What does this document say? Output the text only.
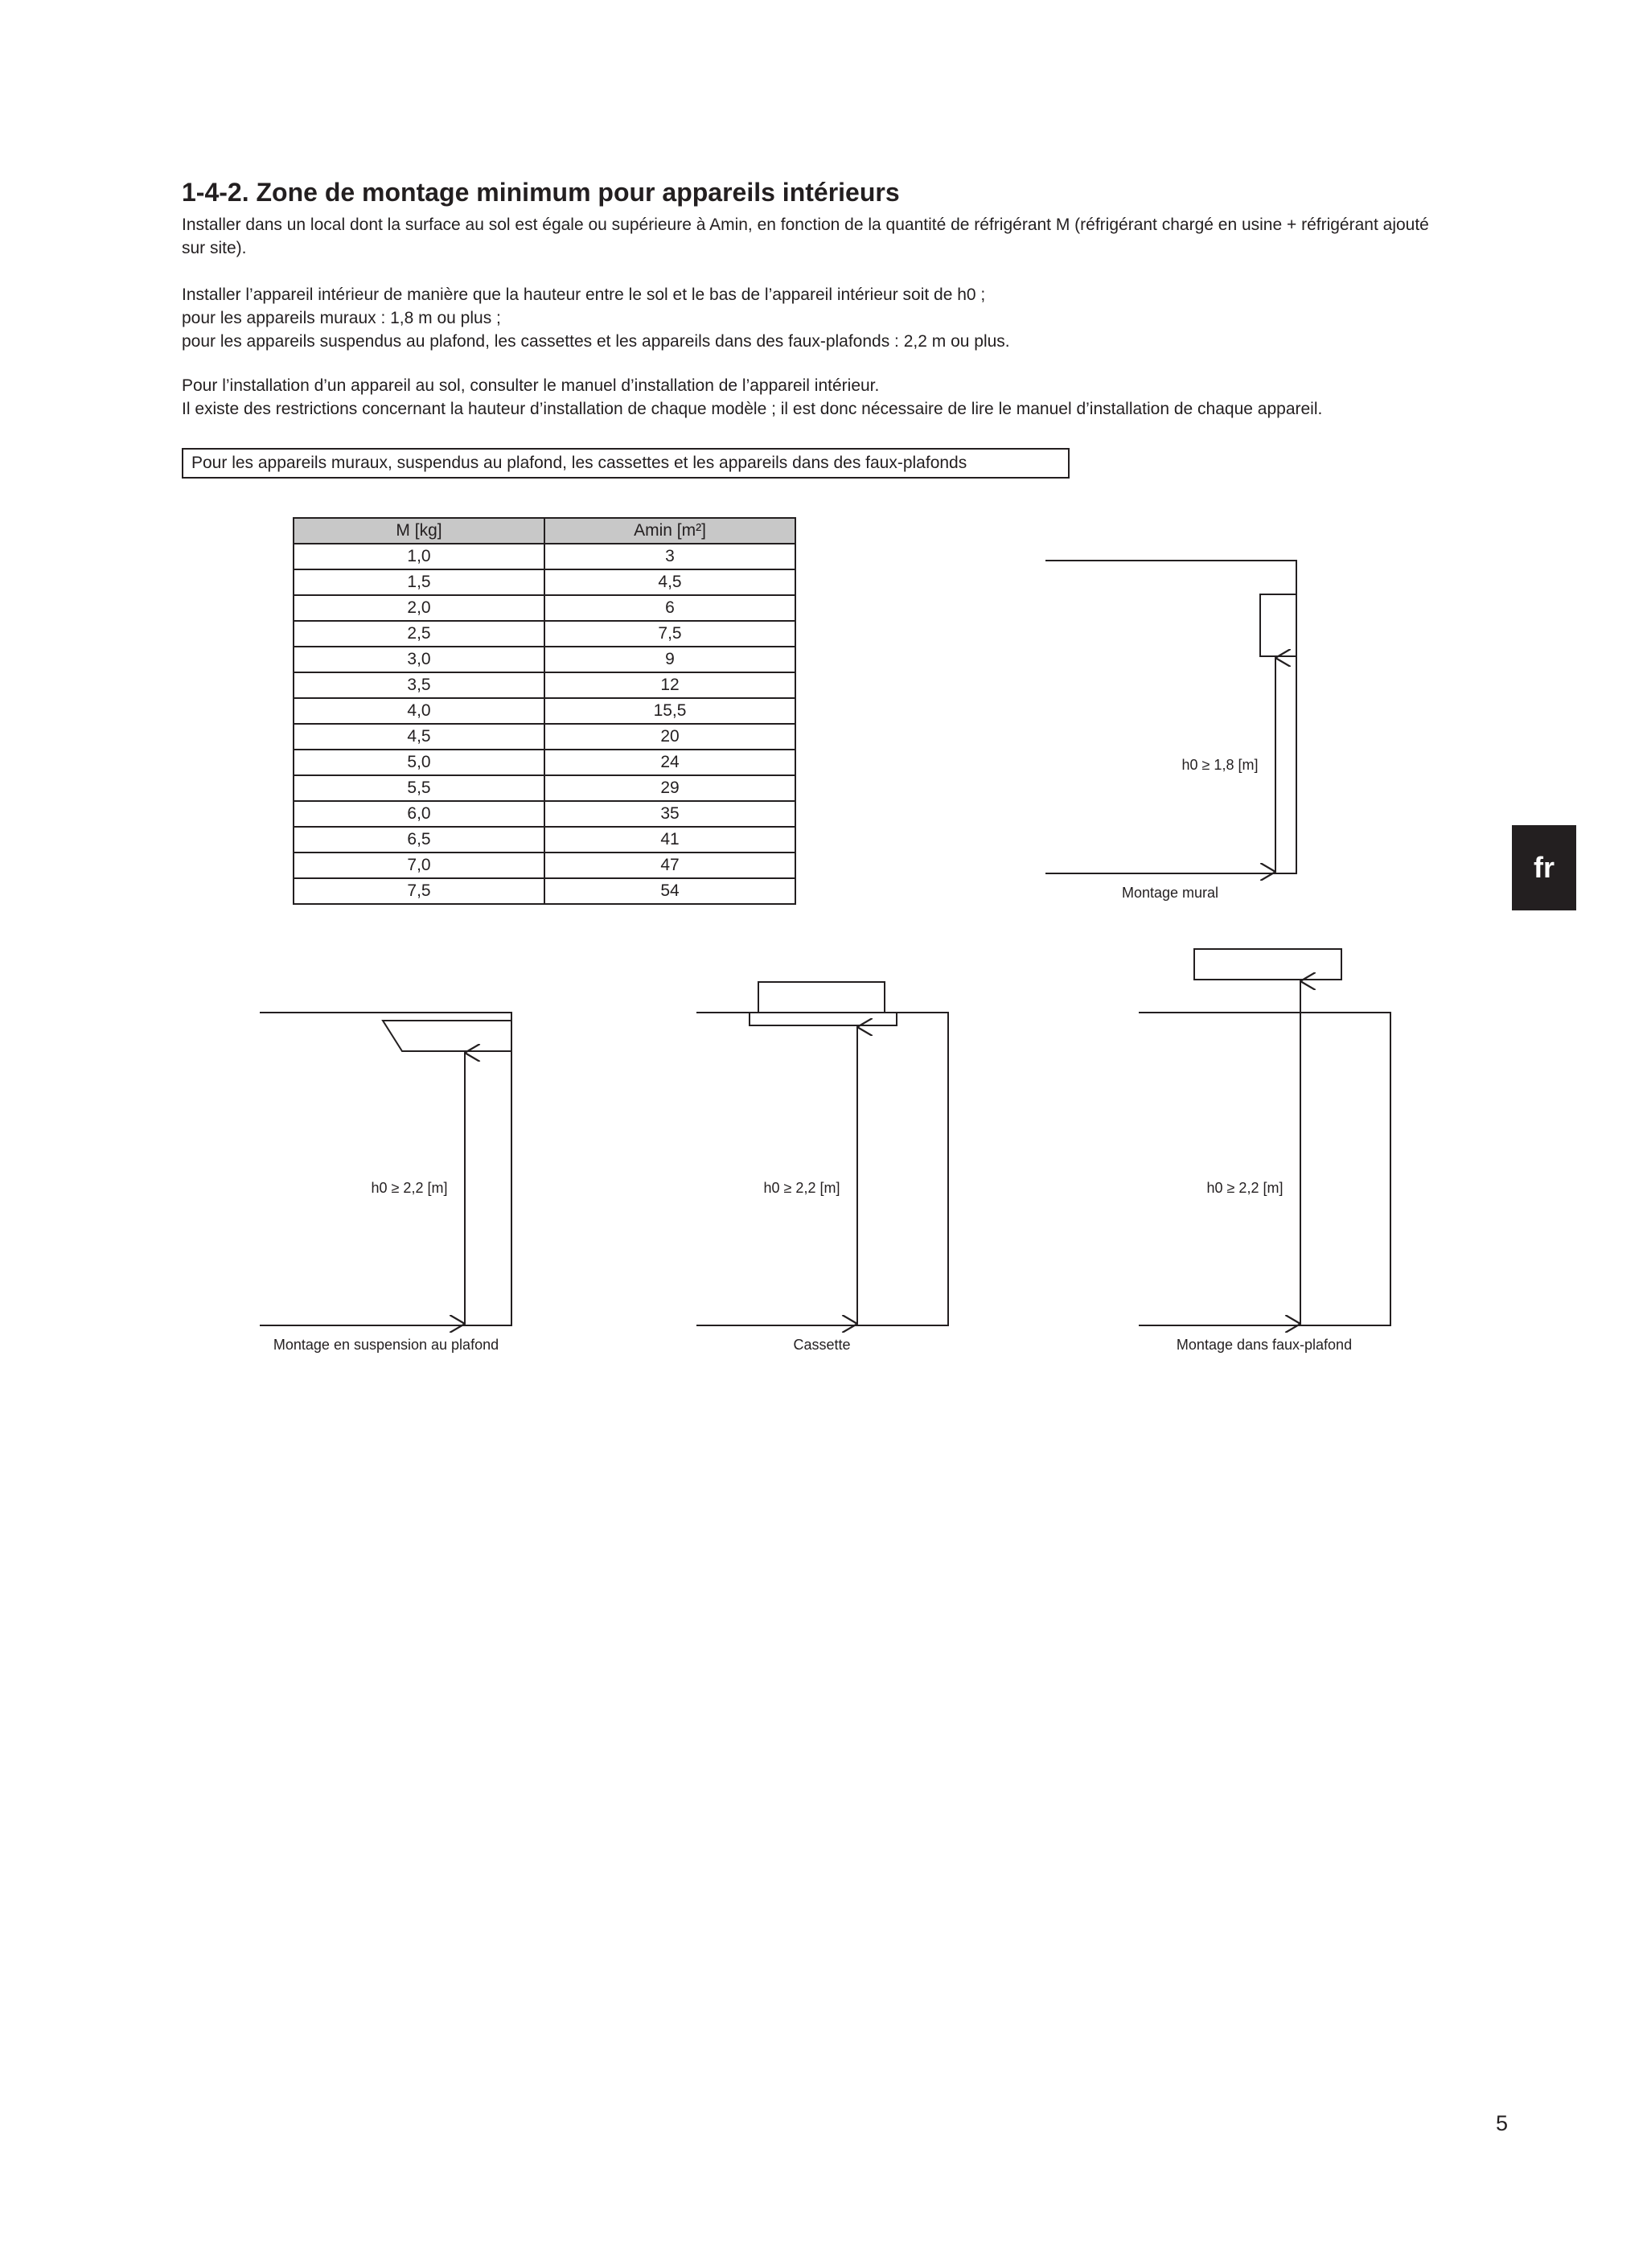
1-4-2. Zone de montage minimum pour appareils intérieurs

Installer dans un local dont la surface au sol est égale ou supérieure à Amin, en fonction de la quantité de réfrigérant M (réfrigérant chargé en usine + réfrigérant ajouté
sur site).

Installer l’appareil intérieur de manière que la hauteur entre le sol et le bas de l’appareil intérieur soit de h0 ;
pour les appareils muraux : 1,8 m ou plus ;
pour les appareils suspendus au plafond, les cassettes et les appareils dans des faux-plafonds : 2,2 m ou plus.

Pour l’installation d’un appareil au sol, consulter le manuel d’installation de l’appareil intérieur.
Il existe des restrictions concernant la hauteur d’installation de chaque modèle ; il est donc nécessaire de lire le manuel d’installation de chaque appareil.

Pour les appareils muraux, suspendus au plafond, les cassettes et les appareils dans des faux-plafonds
M [kg]	Amin [m²]
1,0	3
1,5	4,5
2,0	6
2,5	7,5
3,0	9
3,5	12
4,0	15,5
4,5	20
5,0	24
5,5	29
6,0	35
6,5	41
7,0	47
7,5	54
h0 ≥ 1,8 [m]
Montage mural
h0 ≥ 2,2 [m]
Montage en suspension au plafond
h0 ≥ 2,2 [m]
Cassette
h0 ≥ 2,2 [m]
Montage dans faux-plafond
fr
5
